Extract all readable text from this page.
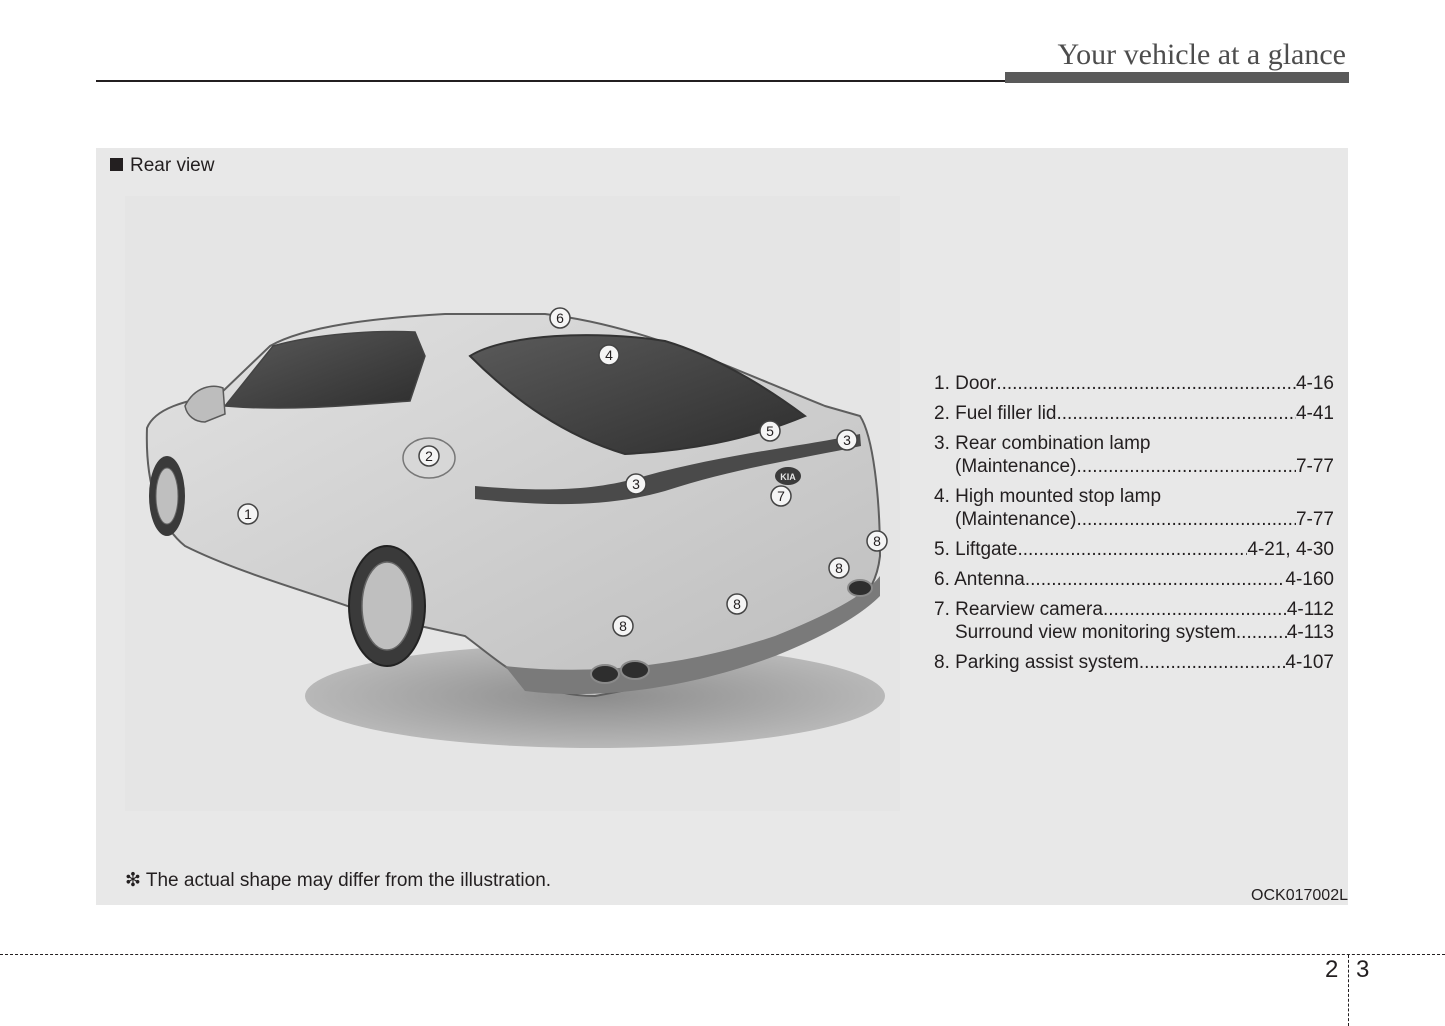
Your vehicle at a glance
Rear view
KIA
1
2
3
3
4
5
6
7
8
8
8
8
1. Door .....	4-16
2. Fuel filler lid .....	4-41
3. Rear combination lamp
(Maintenance) .....	7-77
4. High mounted stop lamp
(Maintenance) .....	7-77
5. Liftgate .....	4-21, 4-30
6. Antenna .....	4-160
7. Rearview camera .....	4-112
Surround view monitoring system .....	4-113
8. Parking assist system .....	4-107
❇ The actual shape may differ from the illustration.
OCK017002L
2 3
